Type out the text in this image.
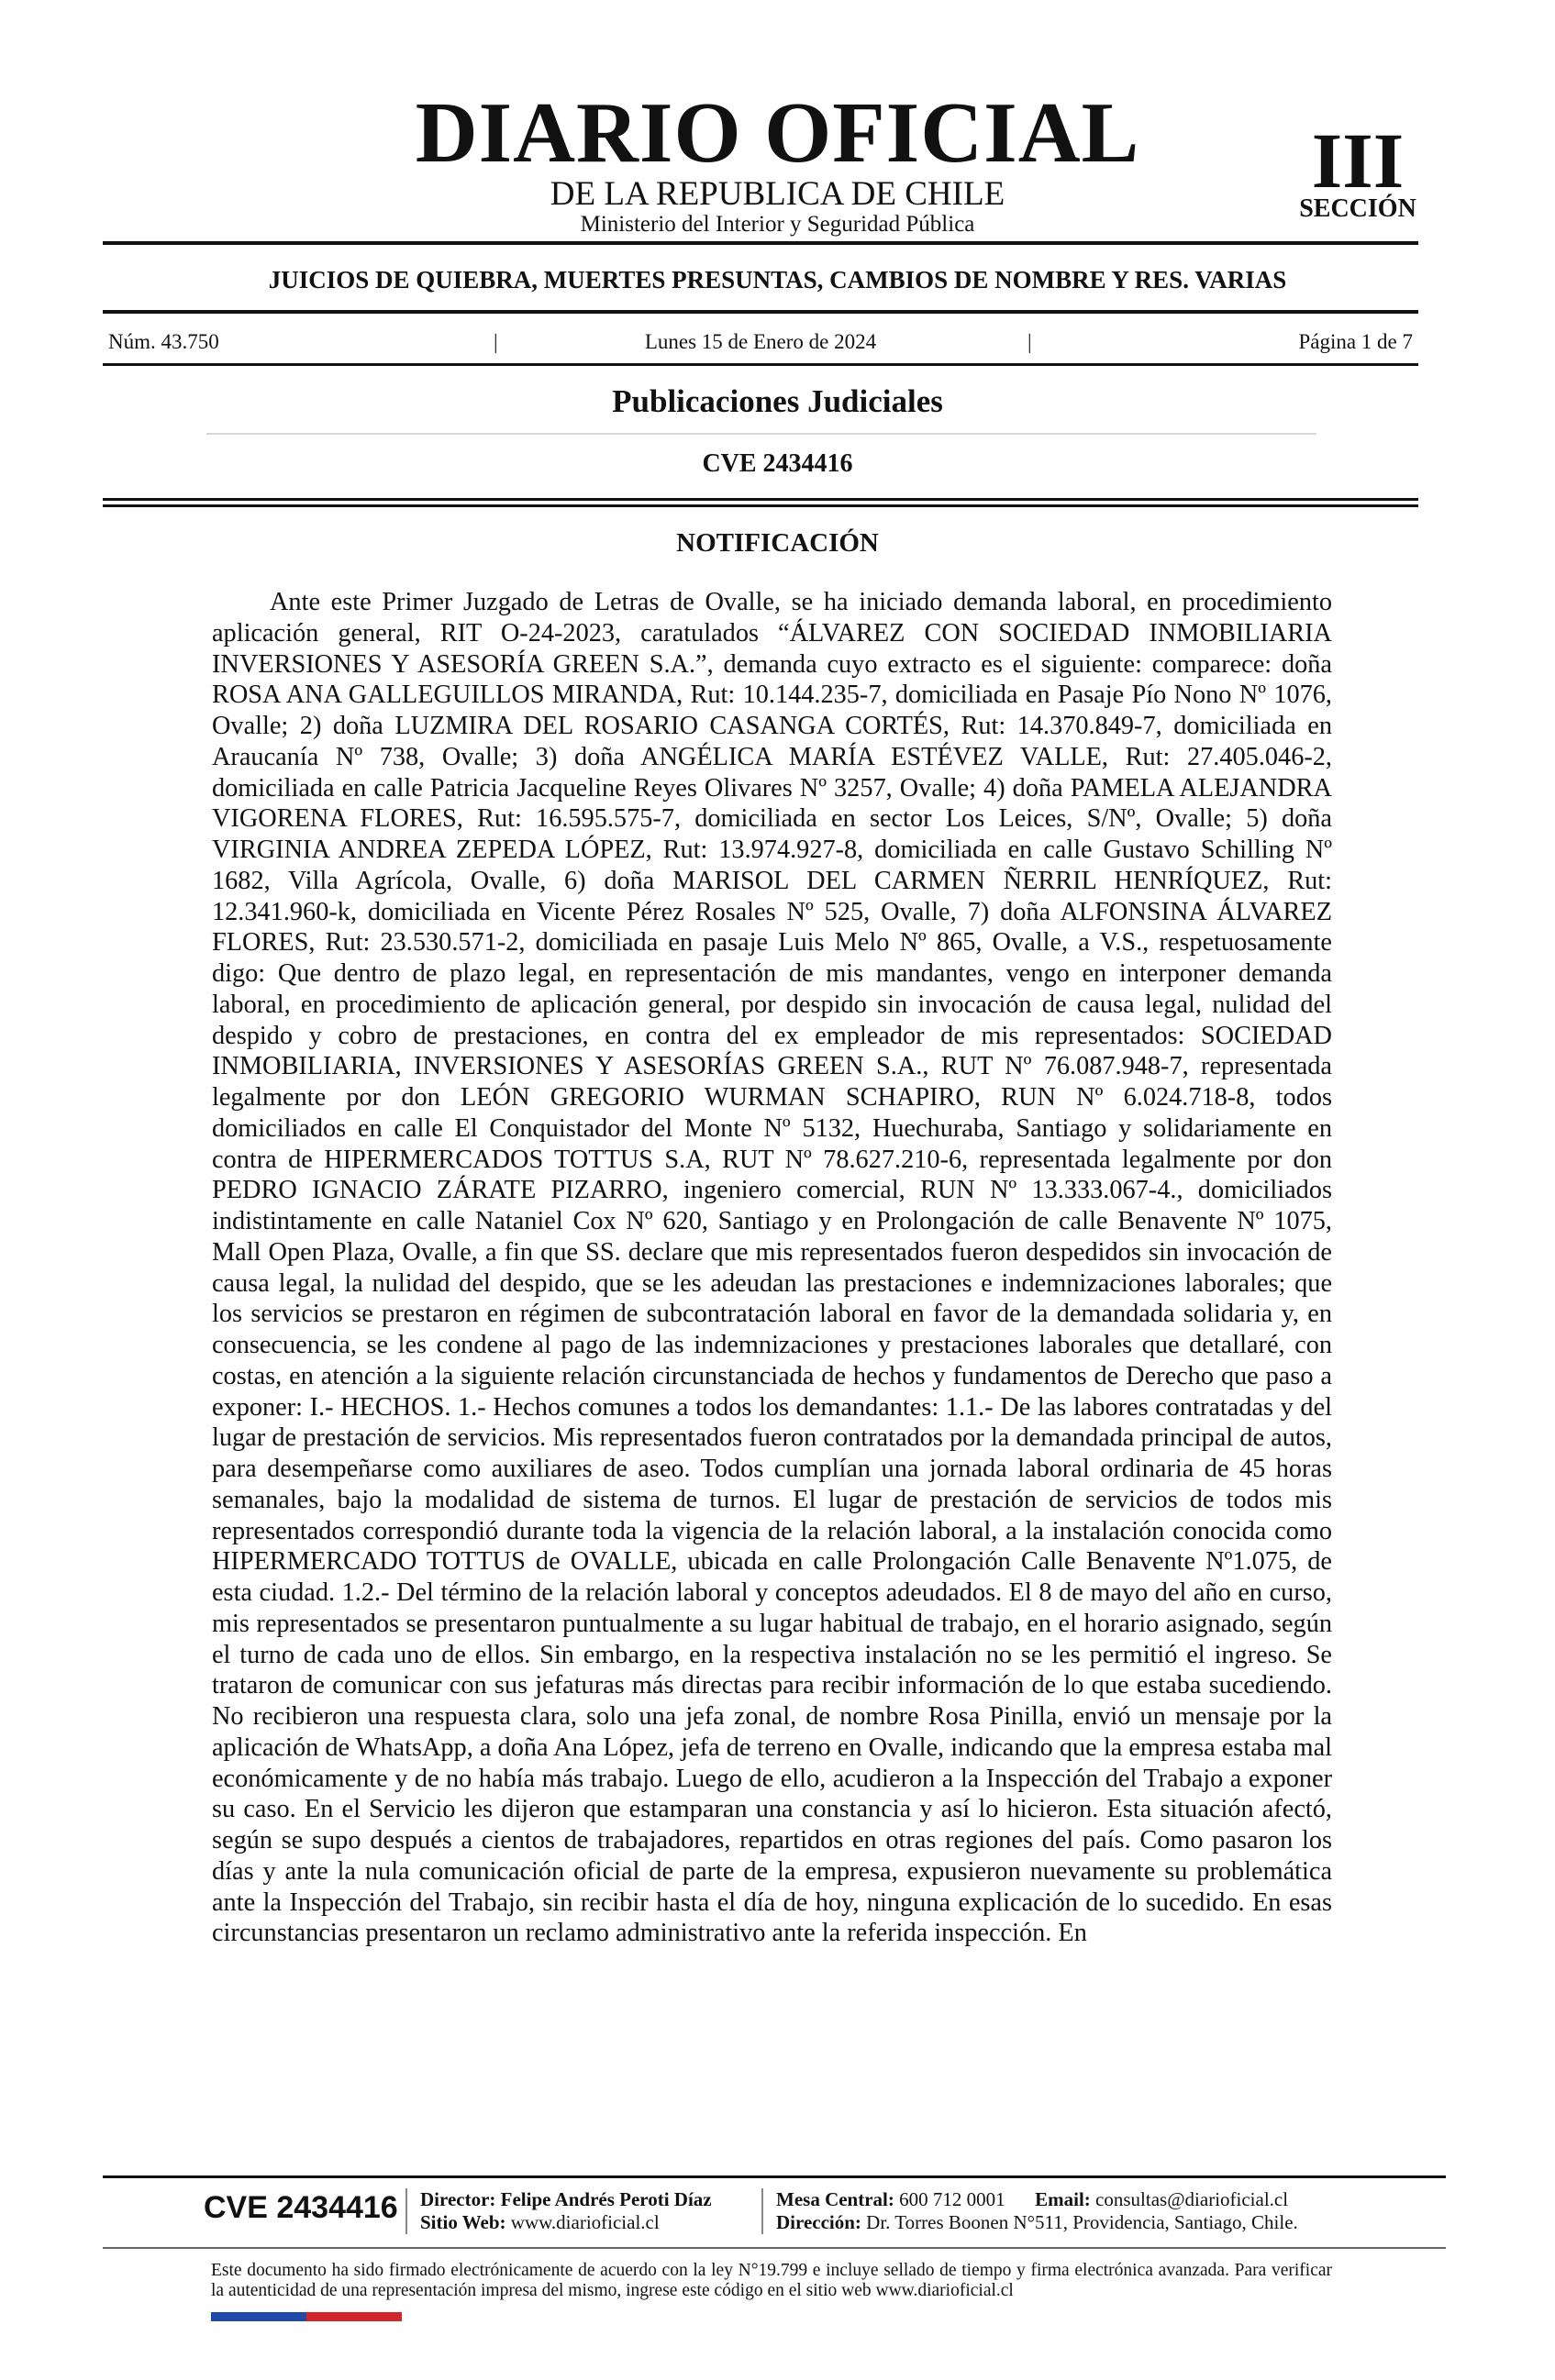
DIARIO OFICIAL
DE LA REPUBLICA DE CHILE
Ministerio del Interior y Seguridad Pública
III
SECCIÓN
JUICIOS DE QUIEBRA, MUERTES PRESUNTAS, CAMBIOS DE NOMBRE Y RES. VARIAS
Núm. 43.750	|	Lunes 15 de Enero de 2024	|	Página 1 de 7
Publicaciones Judiciales
CVE 2434416
NOTIFICACIÓN
Ante este Primer Juzgado de Letras de Ovalle, se ha iniciado demanda laboral, en procedimiento aplicación general, RIT O-24-2023, caratulados “ÁLVAREZ CON SOCIEDAD INMOBILIARIA INVERSIONES Y ASESORÍA GREEN S.A.”, demanda cuyo extracto es el siguiente: comparece: doña ROSA ANA GALLEGUILLOS MIRANDA, Rut: 10.144.235-7, domiciliada en Pasaje Pío Nono Nº 1076, Ovalle; 2) doña LUZMIRA DEL ROSARIO CASANGA CORTÉS, Rut: 14.370.849-7, domiciliada en Araucanía Nº 738, Ovalle; 3) doña ANGÉLICA MARÍA ESTÉVEZ VALLE, Rut: 27.405.046-2, domiciliada en calle Patricia Jacqueline Reyes Olivares Nº 3257, Ovalle; 4) doña PAMELA ALEJANDRA VIGORENA FLORES, Rut: 16.595.575-7, domiciliada en sector Los Leices, S/Nº, Ovalle; 5) doña VIRGINIA ANDREA ZEPEDA LÓPEZ, Rut: 13.974.927-8, domiciliada en calle Gustavo Schilling Nº 1682, Villa Agrícola, Ovalle, 6) doña MARISOL DEL CARMEN ÑERRIL HENRÍQUEZ, Rut: 12.341.960-k, domiciliada en Vicente Pérez Rosales Nº 525, Ovalle, 7) doña ALFONSINA ÁLVAREZ FLORES, Rut: 23.530.571-2, domiciliada en pasaje Luis Melo Nº 865, Ovalle, a V.S., respetuosamente digo: Que dentro de plazo legal, en representación de mis mandantes, vengo en interponer demanda laboral, en procedimiento de aplicación general, por despido sin invocación de causa legal, nulidad del despido y cobro de prestaciones, en contra del ex empleador de mis representados: SOCIEDAD INMOBILIARIA, INVERSIONES Y ASESORÍAS GREEN S.A., RUT Nº 76.087.948-7, representada legalmente por don LEÓN GREGORIO WURMAN SCHAPIRO, RUN Nº 6.024.718-8, todos domiciliados en calle El Conquistador del Monte Nº 5132, Huechuraba, Santiago y solidariamente en contra de HIPERMERCADOS TOTTUS S.A, RUT Nº 78.627.210-6, representada legalmente por don PEDRO IGNACIO ZÁRATE PIZARRO, ingeniero comercial, RUN Nº 13.333.067-4., domiciliados indistintamente en calle Nataniel Cox Nº 620, Santiago y en Prolongación de calle Benavente Nº 1075, Mall Open Plaza, Ovalle, a fin que SS. declare que mis representados fueron despedidos sin invocación de causa legal, la nulidad del despido, que se les adeudan las prestaciones e indemnizaciones laborales; que los servicios se prestaron en régimen de subcontratación laboral en favor de la demandada solidaria y, en consecuencia, se les condene al pago de las indemnizaciones y prestaciones laborales que detallaré, con costas, en atención a la siguiente relación circunstanciada de hechos y fundamentos de Derecho que paso a exponer: I.- HECHOS. 1.- Hechos comunes a todos los demandantes: 1.1.- De las labores contratadas y del lugar de prestación de servicios. Mis representados fueron contratados por la demandada principal de autos, para desempeñarse como auxiliares de aseo. Todos cumplían una jornada laboral ordinaria de 45 horas semanales, bajo la modalidad de sistema de turnos. El lugar de prestación de servicios de todos mis representados correspondió durante toda la vigencia de la relación laboral, a la instalación conocida como HIPERMERCADO TOTTUS de OVALLE, ubicada en calle Prolongación Calle Benavente Nº1.075, de esta ciudad. 1.2.- Del término de la relación laboral y conceptos adeudados. El 8 de mayo del año en curso, mis representados se presentaron puntualmente a su lugar habitual de trabajo, en el horario asignado, según el turno de cada uno de ellos. Sin embargo, en la respectiva instalación no se les permitió el ingreso. Se trataron de comunicar con sus jefaturas más directas para recibir información de lo que estaba sucediendo. No recibieron una respuesta clara, solo una jefa zonal, de nombre Rosa Pinilla, envió un mensaje por la aplicación de WhatsApp, a doña Ana López, jefa de terreno en Ovalle, indicando que la empresa estaba mal económicamente y de no había más trabajo. Luego de ello, acudieron a la Inspección del Trabajo a exponer su caso. En el Servicio les dijeron que estamparan una constancia y así lo hicieron. Esta situación afectó, según se supo después a cientos de trabajadores, repartidos en otras regiones del país. Como pasaron los días y ante la nula comunicación oficial de parte de la empresa, expusieron nuevamente su problemática ante la Inspección del Trabajo, sin recibir hasta el día de hoy, ninguna explicación de lo sucedido. En esas circunstancias presentaron un reclamo administrativo ante la referida inspección. En
CVE 2434416 Director: Felipe Andrés Peroti Díaz
Sitio Web: www.diarioficial.cl
Mesa Central: 600 712 0001 Email: consultas@diarioficial.cl
Dirección: Dr. Torres Boonen N°511, Providencia, Santiago, Chile.
Este documento ha sido firmado electrónicamente de acuerdo con la ley N°19.799 e incluye sellado de tiempo y firma electrónica avanzada. Para verificar la autenticidad de una representación impresa del mismo, ingrese este código en el sitio web www.diarioficial.cl
